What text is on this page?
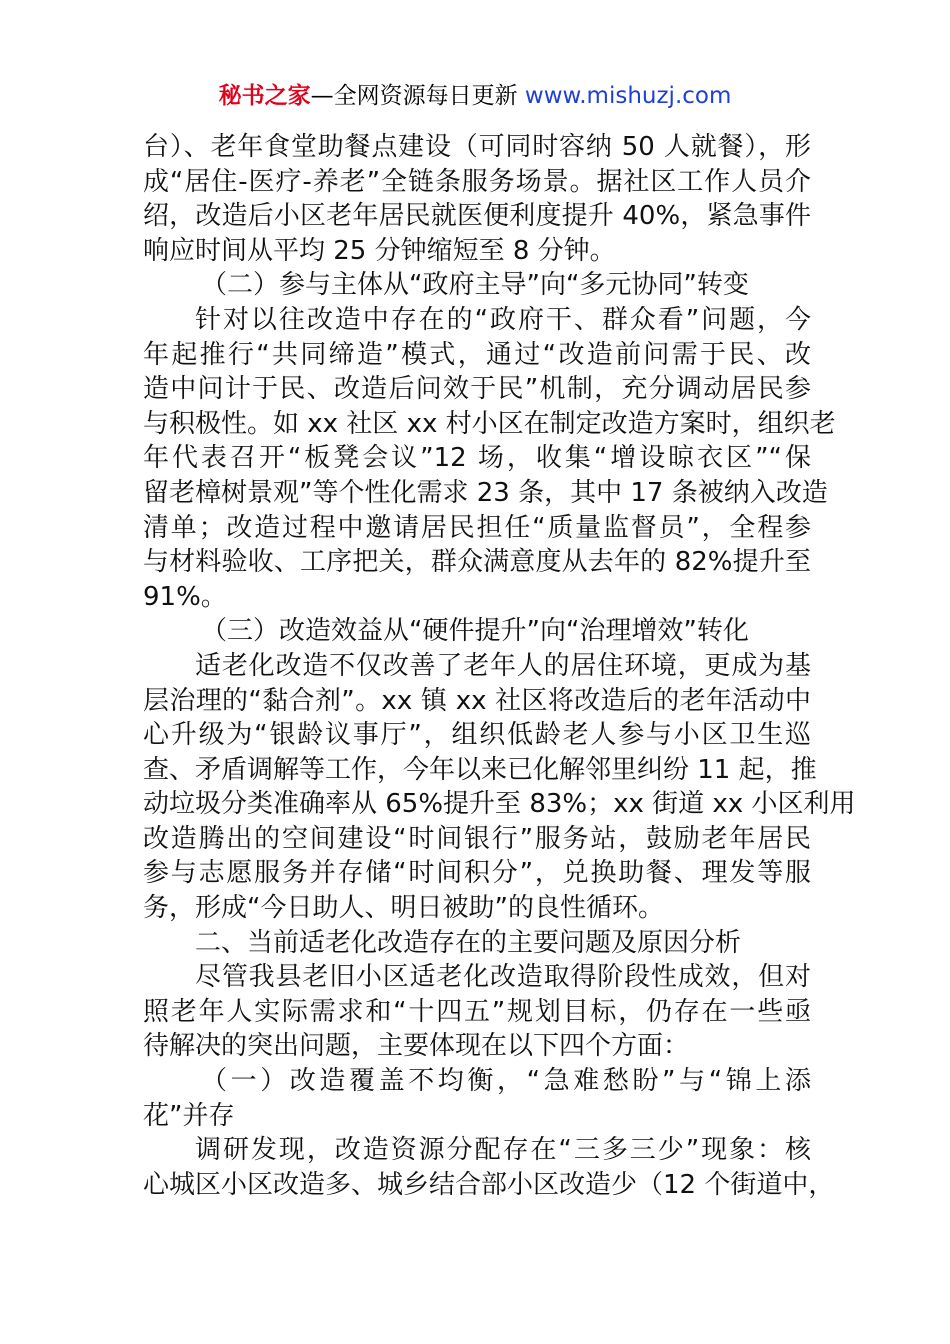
秘书之家—全网资源每日更新 www.mishuzj.com
台）、老年食堂助餐点建设（可同时容纳 50 人就餐），形
成“居住-医疗-养老”全链条服务场景。据社区工作人员介
绍，改造后小区老年居民就医便利度提升 40%，紧急事件
响应时间从平均 25 分钟缩短至 8 分钟。
（二）参与主体从“政府主导”向“多元协同”转变
针对以往改造中存在的“政府干、群众看”问题，今
年起推行“共同缔造”模式，通过“改造前问需于民、改
造中问计于民、改造后问效于民”机制，充分调动居民参
与积极性。如 xx 社区 xx 村小区在制定改造方案时，组织老
年代表召开“板凳会议”12 场，收集“增设晾衣区”“保
留老樟树景观”等个性化需求 23 条，其中 17 条被纳入改造
清单；改造过程中邀请居民担任“质量监督员”，全程参
与材料验收、工序把关，群众满意度从去年的 82%提升至
91%。
（三）改造效益从“硬件提升”向“治理增效”转化
适老化改造不仅改善了老年人的居住环境，更成为基
层治理的“黏合剂”。xx 镇 xx 社区将改造后的老年活动中
心升级为“银龄议事厅”，组织低龄老人参与小区卫生巡
查、矛盾调解等工作，今年以来已化解邻里纠纷 11 起，推
动垃圾分类准确率从 65%提升至 83%；xx 街道 xx 小区利用
改造腾出的空间建设“时间银行”服务站，鼓励老年居民
参与志愿服务并存储“时间积分”，兑换助餐、理发等服
务，形成“今日助人、明日被助”的良性循环。
二、当前适老化改造存在的主要问题及原因分析
尽管我县老旧小区适老化改造取得阶段性成效，但对
照老年人实际需求和“十四五”规划目标，仍存在一些亟
待解决的突出问题，主要体现在以下四个方面：
（一）改造覆盖不均衡，“急难愁盼”与“锦上添
花”并存
调研发现，改造资源分配存在“三多三少”现象：核
心城区小区改造多、城乡结合部小区改造少（12 个街道中，
